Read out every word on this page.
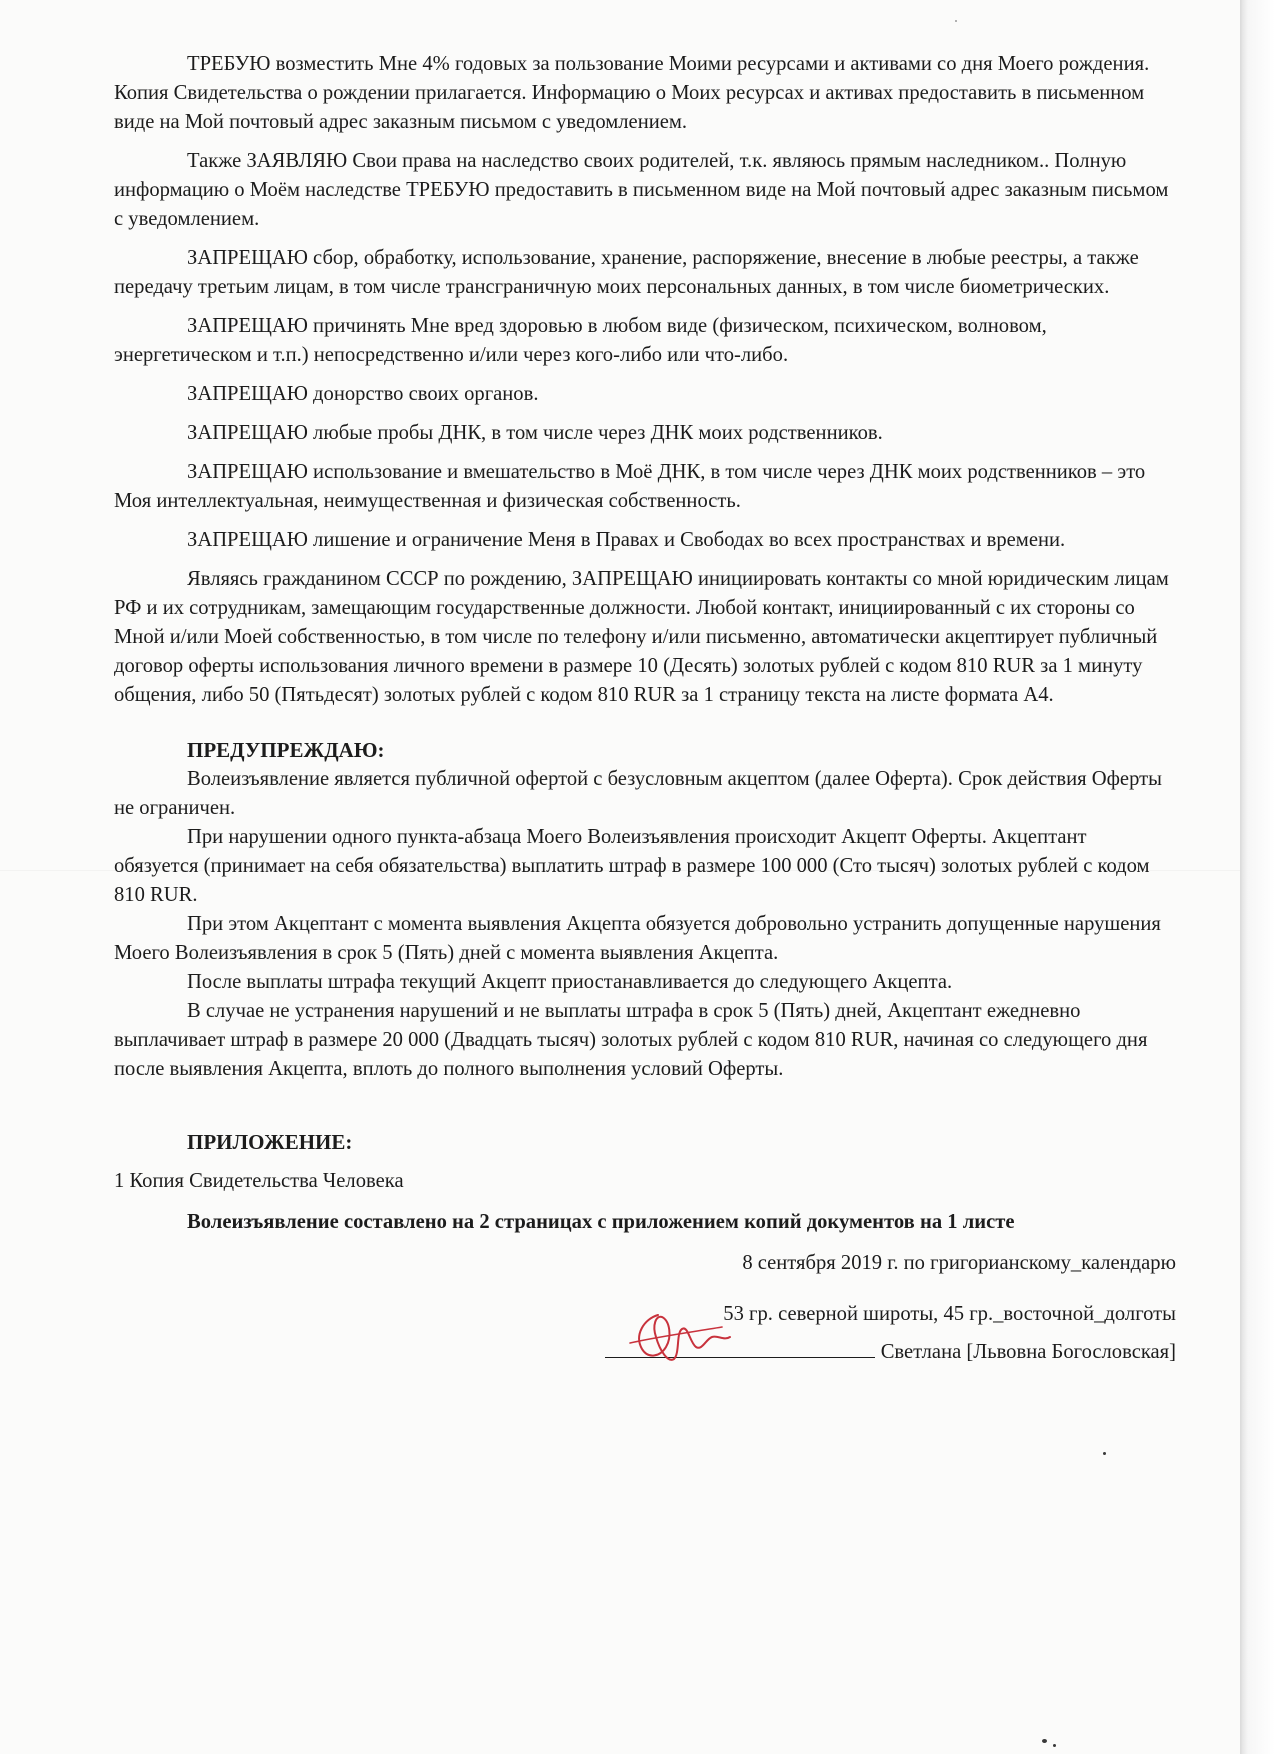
ТРЕБУЮ возместить Мне 4% годовых за пользование Моими ресурсами и активами со дня Моего рождения. Копия Свидетельства о рождении прилагается. Информацию о Моих ресурсах и активах предоставить в письменном виде на Мой почтовый адрес заказным письмом с уведомлением.

Также ЗАЯВЛЯЮ Свои права на наследство своих родителей, т.к. являюсь прямым наследником.. Полную информацию о Моём наследстве ТРЕБУЮ предоставить в письменном виде на Мой почтовый адрес заказным письмом с уведомлением.

ЗАПРЕЩАЮ сбор, обработку, использование, хранение, распоряжение, внесение в любые реестры, а также передачу третьим лицам, в том числе трансграничную моих персональных данных, в том числе биометрических.

ЗАПРЕЩАЮ причинять Мне вред здоровью в любом виде (физическом, психическом, волновом, энергетическом и т.п.) непосредственно и/или через кого-либо или что-либо.

ЗАПРЕЩАЮ донорство своих органов.

ЗАПРЕЩАЮ любые пробы ДНК, в том числе через ДНК моих родственников.

ЗАПРЕЩАЮ использование и вмешательство в Моё ДНК, в том числе через ДНК моих родственников – это Моя интеллектуальная, неимущественная и физическая собственность.

ЗАПРЕЩАЮ лишение и ограничение Меня в Правах и Свободах во всех пространствах и времени.

Являясь гражданином СССР по рождению, ЗАПРЕЩАЮ инициировать контакты со мной юридическим лицам РФ и их сотрудникам, замещающим государственные должности. Любой контакт, инициированный с их стороны со Мной и/или Моей собственностью, в том числе по телефону и/или письменно, автоматически акцептирует публичный договор оферты использования личного времени в размере 10 (Десять) золотых рублей с кодом 810 RUR за 1 минуту общения, либо 50 (Пятьдесят) золотых рублей с кодом 810 RUR за 1 страницу текста на листе формата А4.

ПРЕДУПРЕЖДАЮ:

Волеизъявление является публичной офертой с безусловным акцептом (далее Оферта). Срок действия Оферты не ограничен.

При нарушении одного пункта-абзаца Моего Волеизъявления происходит Акцепт Оферты. Акцептант обязуется (принимает на себя обязательства) выплатить штраф в размере 100 000 (Сто тысяч) золотых рублей с кодом 810 RUR.

При этом Акцептант с момента выявления Акцепта обязуется добровольно устранить допущенные нарушения Моего Волеизъявления в срок 5 (Пять) дней с момента выявления Акцепта.

После выплаты штрафа текущий Акцепт приостанавливается до следующего Акцепта.

В случае не устранения нарушений и не выплаты штрафа в срок 5 (Пять) дней, Акцептант ежедневно выплачивает штраф в размере 20 000 (Двадцать тысяч) золотых рублей с кодом 810 RUR, начиная со следующего дня после выявления Акцепта, вплоть до полного выполнения условий Оферты.

ПРИЛОЖЕНИЕ:

1 Копия Свидетельства Человека

Волеизъявление составлено на 2 страницах с приложением копий документов на 1 листе

8 сентября 2019 г. по григорианскому_календарю

53 гр. северной широты, 45 гр._восточной_долготы

Светлана [Львовна Богословская]
